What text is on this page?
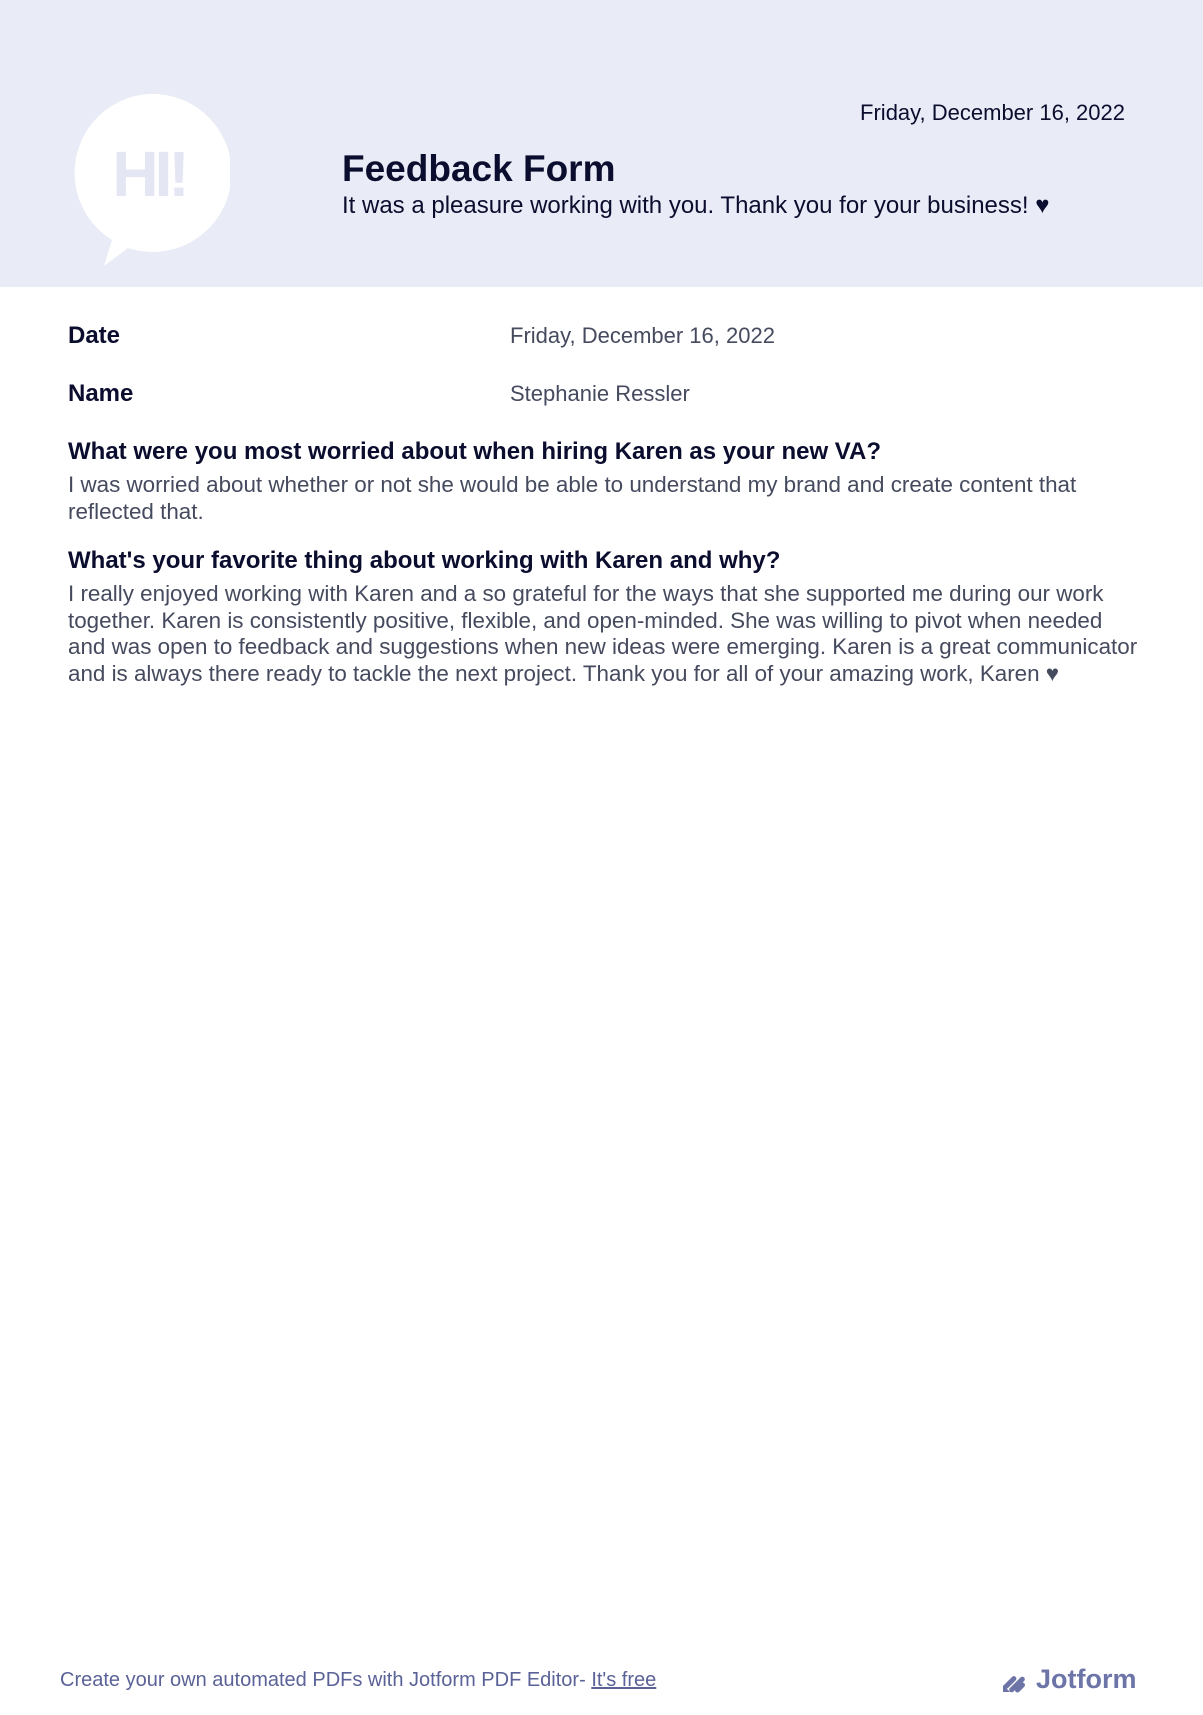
HI!
Friday, December 16, 2022
Feedback Form
It was a pleasure working with you. Thank you for your business! ♥
Date	Friday, December 16, 2022
Name	Stephanie Ressler
What were you most worried about when hiring Karen as your new VA?
I was worried about whether or not she would be able to understand my brand and create content that reflected that.
What's your favorite thing about working with Karen and why?
I really enjoyed working with Karen and a so grateful for the ways that she supported me during our work together. Karen is consistently positive, flexible, and open-minded. She was willing to pivot when needed and was open to feedback and suggestions when new ideas were emerging. Karen is a great communicator and is always there ready to tackle the next project. Thank you for all of your amazing work, Karen ♥
Create your own automated PDFs with Jotform PDF Editor- It's free	Jotform
